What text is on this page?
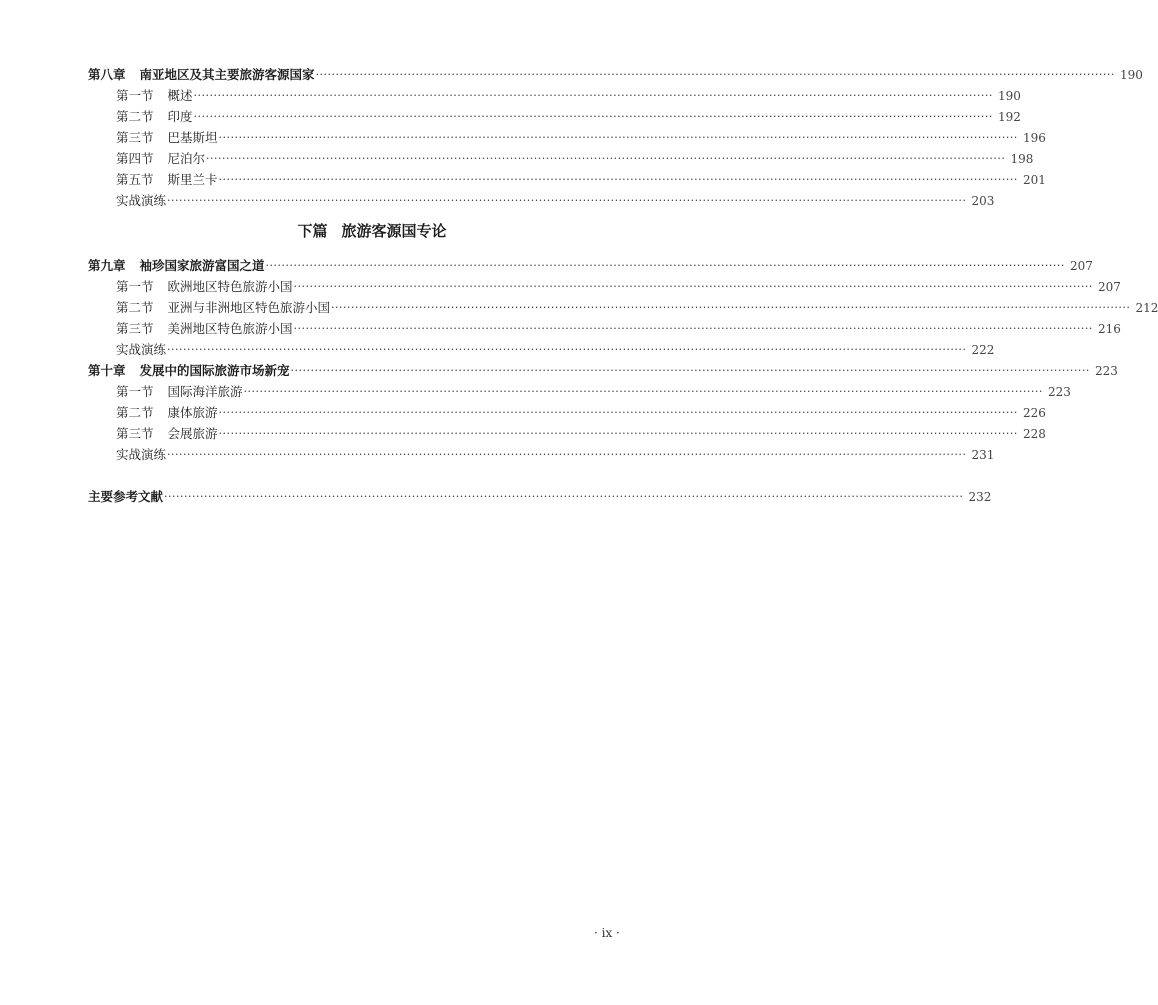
第八章 南亚地区及其主要旅游客源国家 ········································································································································································································ 190
第一节 概述 ········································································································································································································ 190
第二节 印度 ········································································································································································································ 192
第三节 巴基斯坦 ········································································································································································································ 196
第四节 尼泊尔 ········································································································································································································ 198
第五节 斯里兰卡 ········································································································································································································ 201
实战演练 ········································································································································································································ 203
下篇 旅游客源国专论
第九章 袖珍国家旅游富国之道 ········································································································································································································ 207
第一节 欧洲地区特色旅游小国 ········································································································································································································ 207
第二节 亚洲与非洲地区特色旅游小国 ········································································································································································································ 212
第三节 美洲地区特色旅游小国 ········································································································································································································ 216
实战演练 ········································································································································································································ 222
第十章 发展中的国际旅游市场新宠 ········································································································································································································ 223
第一节 国际海洋旅游 ········································································································································································································ 223
第二节 康体旅游 ········································································································································································································ 226
第三节 会展旅游 ········································································································································································································ 228
实战演练 ········································································································································································································ 231
主要参考文献 ········································································································································································································ 232
· ix ·
